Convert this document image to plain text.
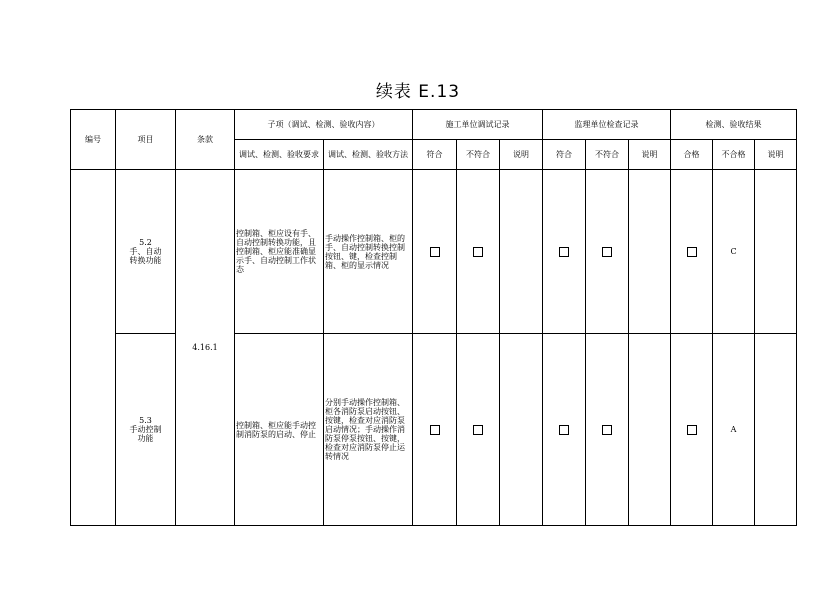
续表 E.13
编号	项目	条款	子项（调试、检测、验收内容）		施工单位调试记录			监理单位检查记录			检测、验收结果		
			调试、检测、验收要求	调试、检测、验收方法	符合	不符合	说明	符合	不符合	说明	合格	不合格	说明
	5.2
手、自动
转换功能	4.16.1	控制箱、柜应设有手、自动控制转换功能，且控制箱、柜应能准确显示手、自动控制工作状态	手动操作控制箱、柜的手、自动控制转换控制按钮、键，检查控制箱、柜的显示情况								C	
	5.3
手动控制
功能		控制箱、柜应能手动控制消防泵的启动、停止	分别手动操作控制箱、柜各消防泵启动按钮、按键，检查对应消防泵启动情况；手动操作消 防泵停泵按钮、按键，检查对应消防泵停止运转情况								A	
